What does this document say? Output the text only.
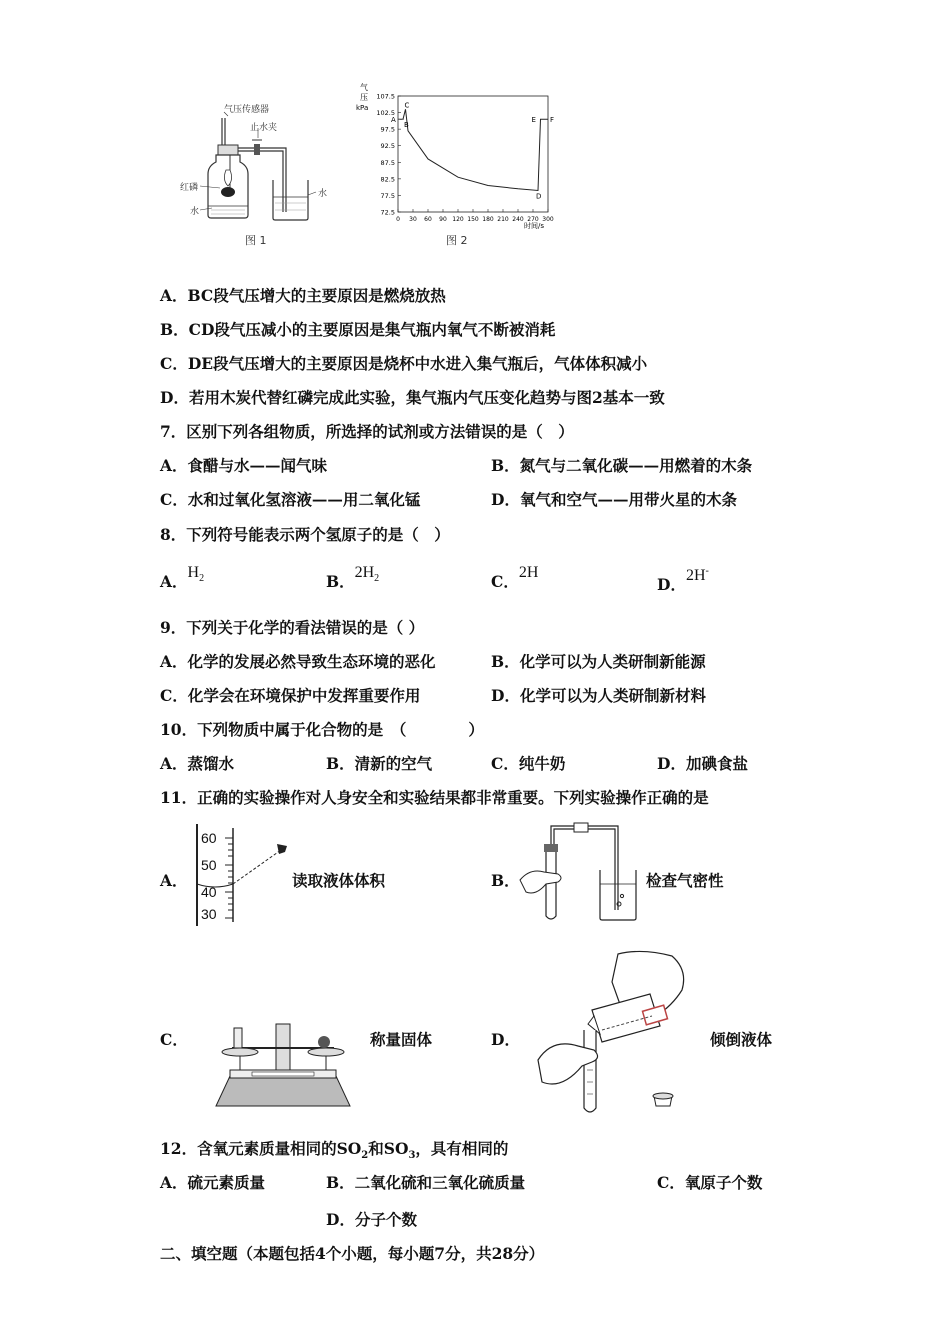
气压传感器
止水夹
红磷
水
水
图 1
107.5
102.5
97.5
92.5
87.5
82.5
77.5
72.5
0 30 60 90 120 150 180 210 240 270 300
A
B
C
D
E F
气
压
kPa
时间/s
图 2
A．BC段气压增大的主要原因是燃烧放热
B．CD段气压减小的主要原因是集气瓶内氧气不断被消耗
C．DE段气压增大的主要原因是烧杯中水进入集气瓶后，气体体积减小
D．若用木炭代替红磷完成此实验，集气瓶内气压变化趋势与图2基本一致
7．区别下列各组物质，所选择的试剂或方法错误的是（　）
A．食醋与水——闻气味	B．氮气与二氧化碳——用燃着的木条
C．水和过氧化氢溶液——用二氧化锰	D．氧气和空气——用带火星的木条
8．下列符号能表示两个氢原子的是（　）
A．$H_2$	B．$2H_2$	C．2H
D．2H-
9．下列关于化学的看法错误的是（ ）
A．化学的发展必然导致生态环境的恶化	B．化学可以为人类研制新能源
C．化学会在环境保护中发挥重要作用	D．化学可以为人类研制新材料
10．下列物质中属于化合物的是　（　　　　）
A．蒸馏水	B．清新的空气	C．纯牛奶	D．加碘食盐
11．正确的实验操作对人身安全和实验结果都非常重要。下列实验操作正确的是
A．
60
50
40
30
读取液体体积	B．	检查气密性
C．	称量固体	D．	倾倒液体
12．含氧元素质量相同的$SO_2$和$SO_3$，具有相同的
A．硫元素质量	B．二氧化硫和三氧化硫质量	C．氧原子个数
D．分子个数
二、填空题（本题包括4个小题，每小题7分，共28分）
